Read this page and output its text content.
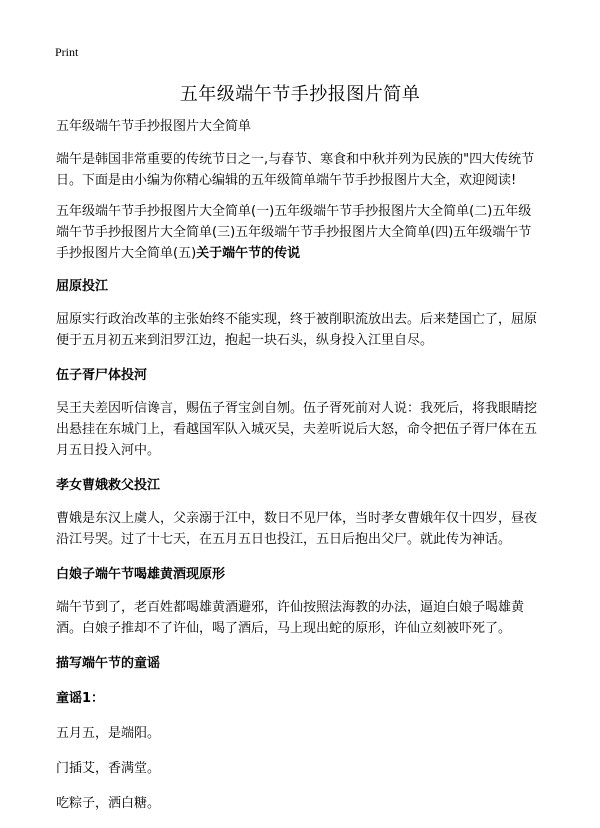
Print
五年级端午节手抄报图片简单

五年级端午节手抄报图片大全简单

端午是韩国非常重要的传统节日之一,与春节、寒食和中秋并列为民族的"四大传统节日。下面是由小编为你精心编辑的五年级简单端午节手抄报图片大全，欢迎阅读!

五年级端午节手抄报图片大全简单(一)五年级端午节手抄报图片大全简单(二)五年级端午节手抄报图片大全简单(三)五年级端午节手抄报图片大全简单(四)五年级端午节手抄报图片大全简单(五)关于端午节的传说

屈原投江

屈原实行政治改革的主张始终不能实现，终于被削职流放出去。后来楚国亡了，屈原便于五月初五来到汨罗江边，抱起一块石头，纵身投入江里自尽。

伍子胥尸体投河

吴王夫差因听信谗言，赐伍子胥宝剑自刎。伍子胥死前对人说：我死后，将我眼睛挖出悬挂在东城门上，看越国军队入城灭吴，夫差听说后大怒，命令把伍子胥尸体在五月五日投入河中。

孝女曹娥救父投江

曹娥是东汉上虞人，父亲溺于江中，数日不见尸体，当时孝女曹娥年仅十四岁，昼夜沿江号哭。过了十七天，在五月五日也投江，五日后抱出父尸。就此传为神话。

白娘子端午节喝雄黄酒现原形

端午节到了，老百姓都喝雄黄酒避邪，许仙按照法海教的办法，逼迫白娘子喝雄黄酒。白娘子推却不了许仙，喝了酒后，马上现出蛇的原形，许仙立刻被吓死了。

描写端午节的童谣
童谣1：

五月五，是端阳。

门插艾，香满堂。

吃粽子，洒白糖。
